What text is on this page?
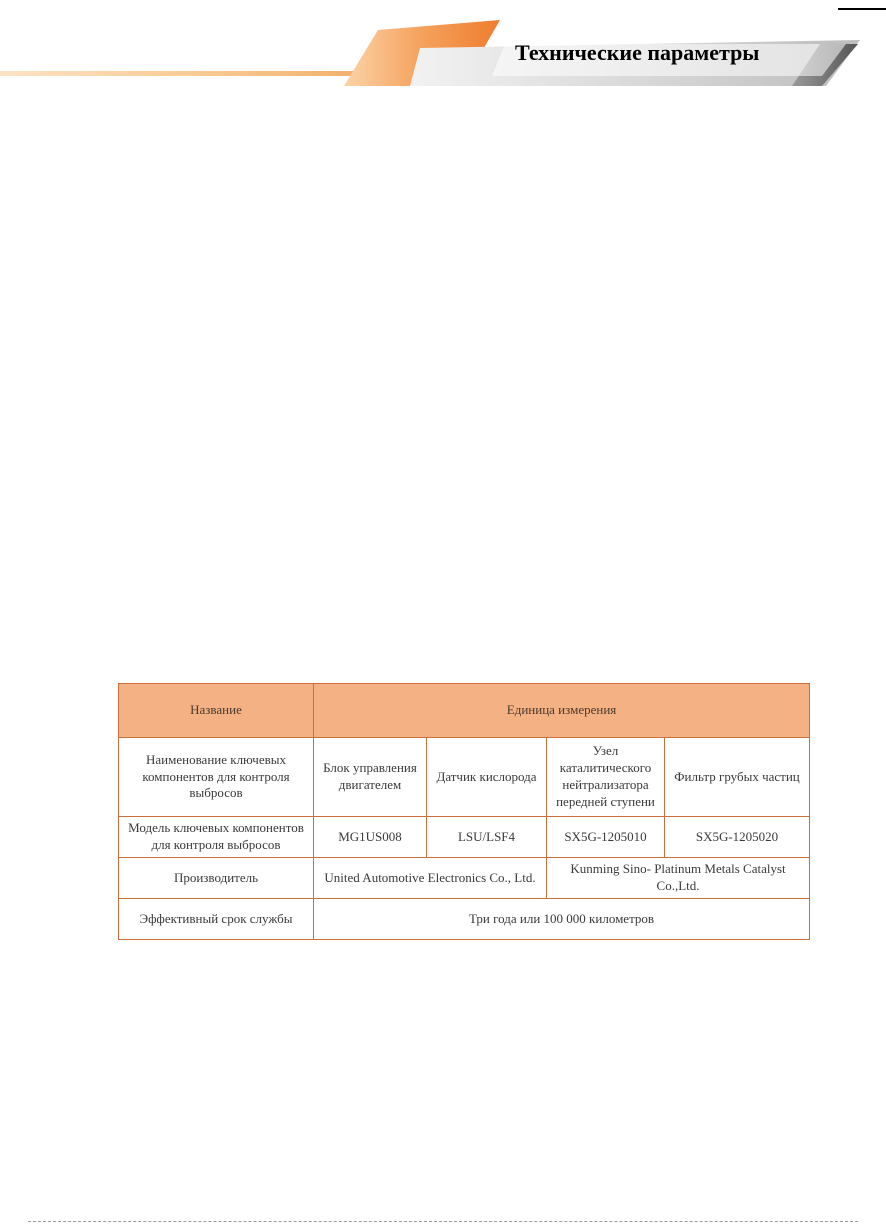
Технические параметры
Название	Единица измерения			
Наименование ключевых компонентов для контроля выбросов	Блок управления двигателем	Датчик кислорода	Узел каталитического нейтрализатора передней ступени	Фильтр грубых частиц
Модель ключевых компонентов для контроля выбросов	MG1US008	LSU/LSF4	SX5G-1205010	SX5G-1205020
Производитель	United Automotive Electronics Co., Ltd.		Kunming Sino- Platinum Metals Catalyst Co.,Ltd.	
Эффективный срок службы	Три года или 100 000 километров			
